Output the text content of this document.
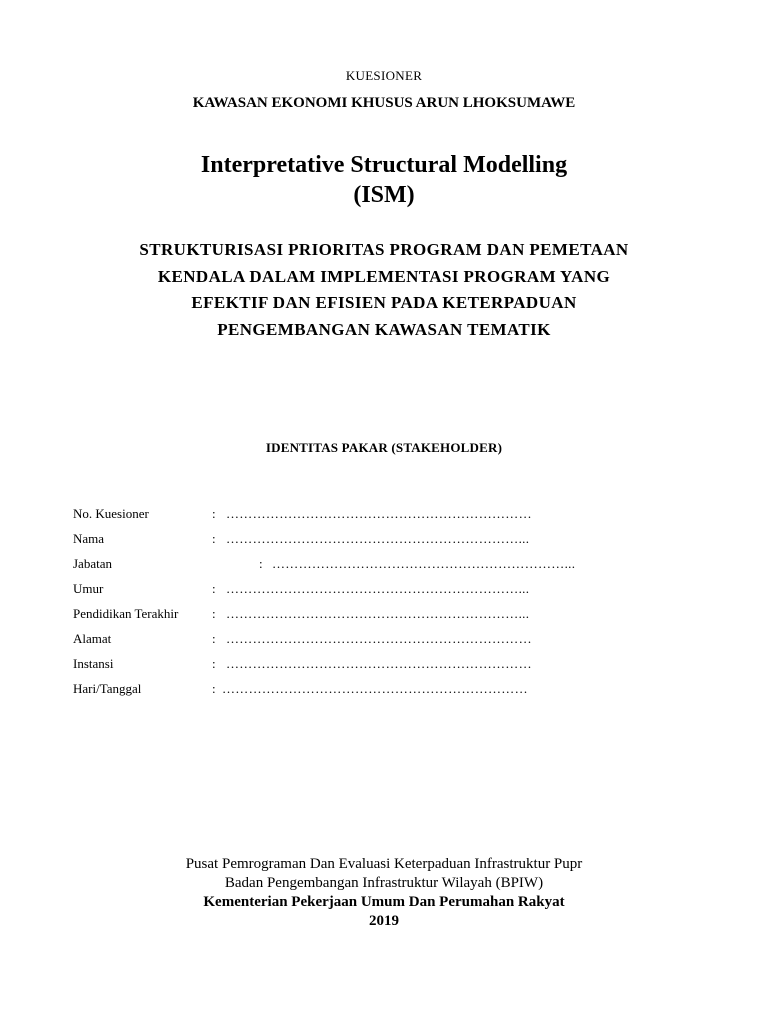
KUESIONER
KAWASAN EKONOMI KHUSUS ARUN LHOKSUMAWE
Interpretative Structural Modelling
(ISM)
STRUKTURISASI PRIORITAS PROGRAM DAN PEMETAAN
KENDALA DALAM IMPLEMENTASI PROGRAM YANG
EFEKTIF DAN EFISIEN PADA KETERPADUAN
PENGEMBANGAN KAWASAN TEMATIK
IDENTITAS PAKAR (STAKEHOLDER)
No. Kuesioner	: ……………………………………………………………
Nama	: …………………………………………………………...
Jabatan	: …………………………………………………………...
Umur	: …………………………………………………………...
Pendidikan Terakhir	: …………………………………………………………...
Alamat	: ……………………………………………………………
Instansi	: ……………………………………………………………
Hari/Tanggal	: ……………………………………………………………
Pusat Pemrograman Dan Evaluasi Keterpaduan Infrastruktur Pupr
Badan Pengembangan Infrastruktur Wilayah (BPIW)
Kementerian Pekerjaan Umum Dan Perumahan Rakyat
2019
